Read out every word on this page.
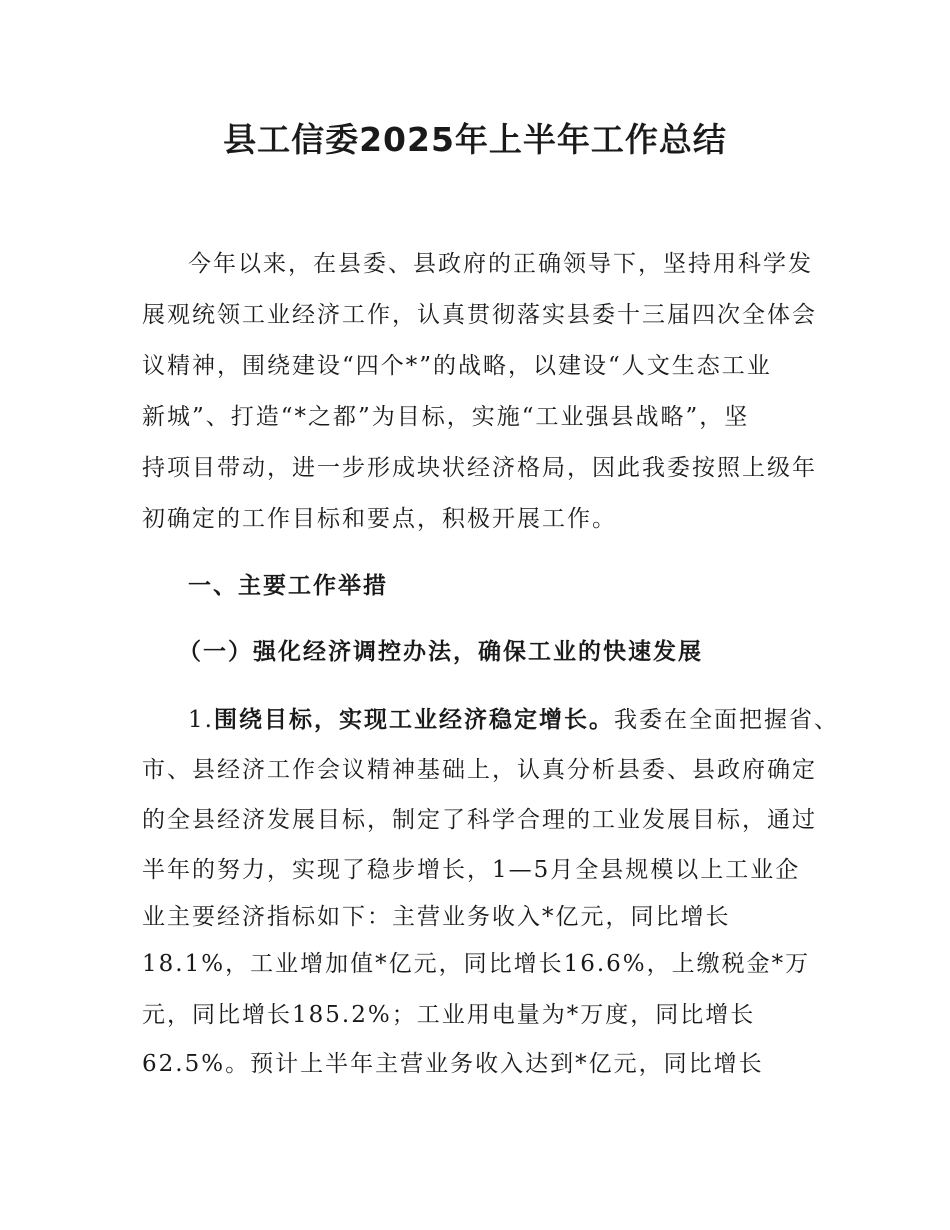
县工信委2025年上半年工作总结
今年以来，在县委、县政府的正确领导下，坚持用科学发
展观统领工业经济工作，认真贯彻落实县委十三届四次全体会
议精神，围绕建设“四个*”的战略，以建设“人文生态工业
新城”、打造“*之都”为目标，实施“工业强县战略”，坚
持项目带动，进一步形成块状经济格局，因此我委按照上级年
初确定的工作目标和要点，积极开展工作。
一、主要工作举措
（一）强化经济调控办法，确保工业的快速发展
1.围绕目标，实现工业经济稳定增长。我委在全面把握省、
市、县经济工作会议精神基础上，认真分析县委、县政府确定
的全县经济发展目标，制定了科学合理的工业发展目标，通过
半年的努力，实现了稳步增长，1—5月全县规模以上工业企
业主要经济指标如下：主营业务收入*亿元，同比增长
18.1%，工业增加值*亿元，同比增长16.6%，上缴税金*万
元，同比增长185.2%；工业用电量为*万度，同比增长
62.5%。预计上半年主营业务收入达到*亿元，同比增长
